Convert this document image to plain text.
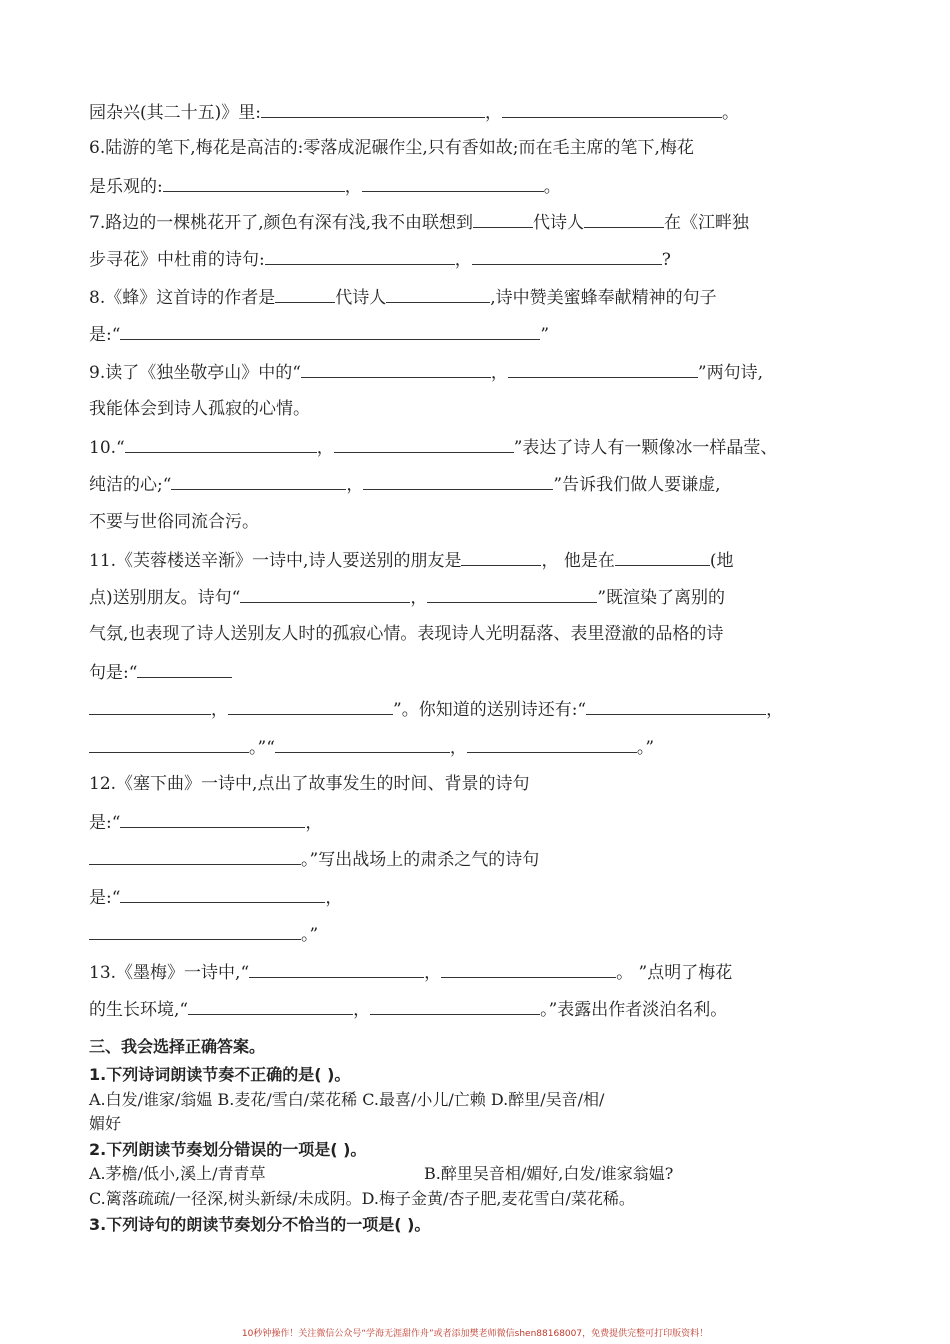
园杂兴(其二十五)》里:	，	。
6.陆游的笔下,梅花是高洁的:零落成泥碾作尘,只有香如故;而在毛主席的笔下,梅花
是乐观的:	，	。
7.路边的一棵桃花开了,颜色有深有浅,我不由联想到	代诗人	在《江畔独
步寻花》中杜甫的诗句:	，	?
8.《蜂》这首诗的作者是	代诗人	,诗中赞美蜜蜂奉献精神的句子
是:“	”
9.读了《独坐敬亭山》中的“	，	”两句诗,
我能体会到诗人孤寂的心情。
10.“	，	”表达了诗人有一颗像冰一样晶莹、
纯洁的心;“	，	”告诉我们做人要谦虚,
不要与世俗同流合污。
11.《芙蓉楼送辛渐》一诗中,诗人要送别的朋友是	， 他是在	(地
点)送别朋友。诗句“	，	”既渲染了离别的
气氛,也表现了诗人送别友人时的孤寂心情。表现诗人光明磊落、表里澄澈的品格的诗
句是:“
，	”。你知道的送别诗还有:“	，
。”“	，	。”
12.《塞下曲》一诗中,点出了故事发生的时间、背景的诗句
是:“	，
。”写出战场上的肃杀之气的诗句
是:“	，
。”
13.《墨梅》一诗中,“	，	。 ”点明了梅花
的生长环境,“	，	。”表露出作者淡泊名利。
三、我会选择正确答案。
1.下列诗词朗读节奏不正确的是( )。
A.白发/谁家/翁媪 B.麦花/雪白/菜花稀 C.最喜/小儿/亡赖 D.醉里/吴音/相/
媚好
2.下列朗读节奏划分错误的一项是( )。
A.茅檐/低小,溪上/青青草	B.醉里吴音相/媚好,白发/谁家翁媪?
C.篱落疏疏/一径深,树头新绿/未成阴。D.梅子金黄/杏子肥,麦花雪白/菜花稀。
3.下列诗句的朗读节奏划分不恰当的一项是( )。
10秒钟操作！关注微信公众号“学海无涯甜作舟”或者添加樊老师微信shen88168007，免费提供完整可打印版资料！
